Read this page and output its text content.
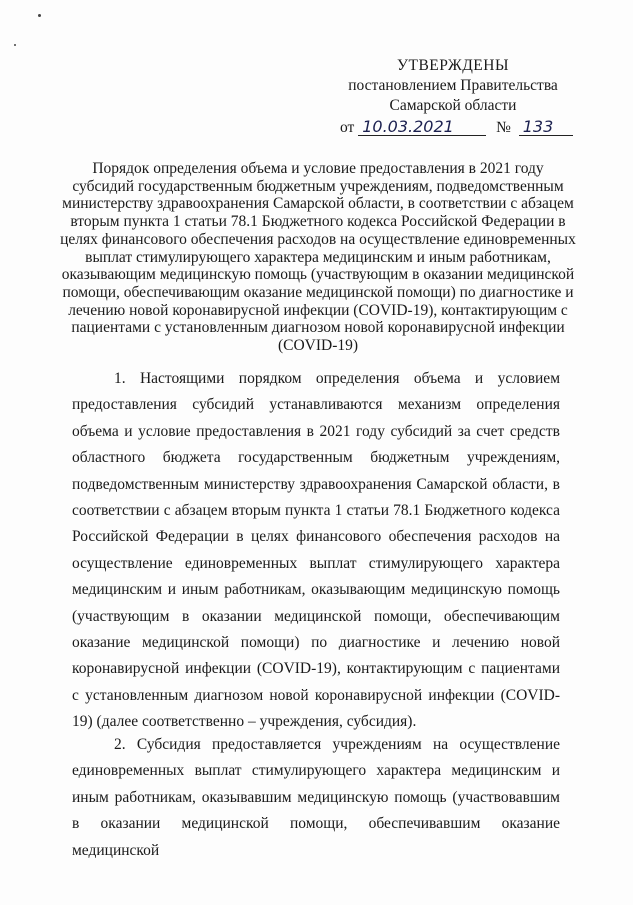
УТВЕРЖДЕНЫ
постановлением Правительства
Самарской области
от 10.03.2021	№ 133
Порядок определения объема и условие предоставления в 2021 году субсидий государственным бюджетным учреждениям, подведомственным министерству здравоохранения Самарской области, в соответствии с абзацем вторым пункта 1 статьи 78.1 Бюджетного кодекса Российской Федерации в целях финансового обеспечения расходов на осуществление единовременных выплат стимулирующего характера медицинским и иным работникам, оказывающим медицинскую помощь (участвующим в оказании медицинской помощи, обеспечивающим оказание медицинской помощи) по диагностике и лечению новой коронавирусной инфекции (COVID-19), контактирующим с пациентами с установленным диагнозом новой коронавирусной инфекции (COVID-19)

1. Настоящими порядком определения объема и условием предоставления субсидий устанавливаются механизм определения объема и условие предоставления в 2021 году субсидий за счет средств областного бюджета государственным бюджетным учреждениям, подведомственным министерству здравоохранения Самарской области, в соответствии с абзацем вторым пункта 1 статьи 78.1 Бюджетного кодекса Российской Федерации в целях финансового обеспечения расходов на осуществление единовременных выплат стимулирующего характера медицинским и иным работникам, оказывающим медицинскую помощь (участвующим в оказании медицинской помощи, обеспечивающим оказание медицинской помощи) по диагностике и лечению новой коронавирусной инфекции (COVID-19), контактирующим с пациентами с установленным диагнозом новой коронавирусной инфекции (COVID-19) (далее соответственно – учреждения, субсидия).

2. Субсидия предоставляется учреждениям на осуществление единовременных выплат стимулирующего характера медицинским и иным работникам, оказывавшим медицинскую помощь (участвовавшим в оказании медицинской помощи, обеспечивавшим оказание медицинской
